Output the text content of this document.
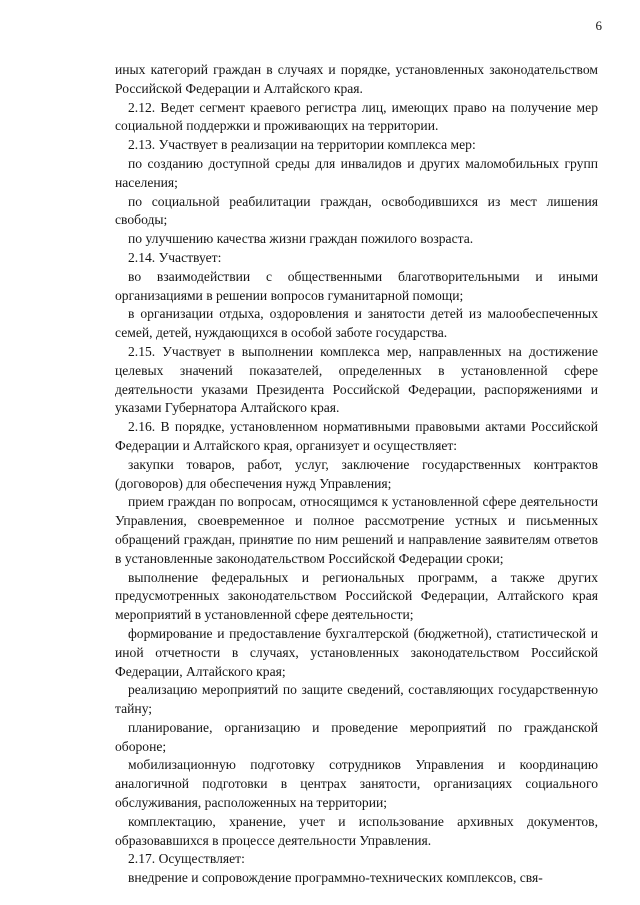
6

иных категорий граждан в случаях и порядке, установленных законодательством Российской Федерации и Алтайского края.

2.12. Ведет сегмент краевого регистра лиц, имеющих право на получение мер социальной поддержки и проживающих на территории.

2.13. Участвует в реализации на территории комплекса мер:

по созданию доступной среды для инвалидов и других маломобильных групп населения;

по социальной реабилитации граждан, освободившихся из мест лишения свободы;

по улучшению качества жизни граждан пожилого возраста.

2.14. Участвует:

во взаимодействии с общественными благотворительными и иными организациями в решении вопросов гуманитарной помощи;

в организации отдыха, оздоровления и занятости детей из малообеспеченных семей, детей, нуждающихся в особой заботе государства.

2.15. Участвует в выполнении комплекса мер, направленных на достижение целевых значений показателей, определенных в установленной сфере деятельности указами Президента Российской Федерации, распоряжениями и указами Губернатора Алтайского края.

2.16. В порядке, установленном нормативными правовыми актами Российской Федерации и Алтайского края, организует и осуществляет:

закупки товаров, работ, услуг, заключение государственных контрактов (договоров) для обеспечения нужд Управления;

прием граждан по вопросам, относящимся к установленной сфере деятельности Управления, своевременное и полное рассмотрение устных и письменных обращений граждан, принятие по ним решений и направление заявителям ответов в установленные законодательством Российской Федерации сроки;

выполнение федеральных и региональных программ, а также других предусмотренных законодательством Российской Федерации, Алтайского края мероприятий в установленной сфере деятельности;

формирование и предоставление бухгалтерской (бюджетной), статистической и иной отчетности в случаях, установленных законодательством Российской Федерации, Алтайского края;

реализацию мероприятий по защите сведений, составляющих государственную тайну;

планирование, организацию и проведение мероприятий по гражданской обороне;

мобилизационную подготовку сотрудников Управления и координацию аналогичной подготовки в центрах занятости, организациях социального обслуживания, расположенных на территории;

комплектацию, хранение, учет и использование архивных документов, образовавшихся в процессе деятельности Управления.

2.17. Осуществляет:

внедрение и сопровождение программно-технических комплексов, свя-
